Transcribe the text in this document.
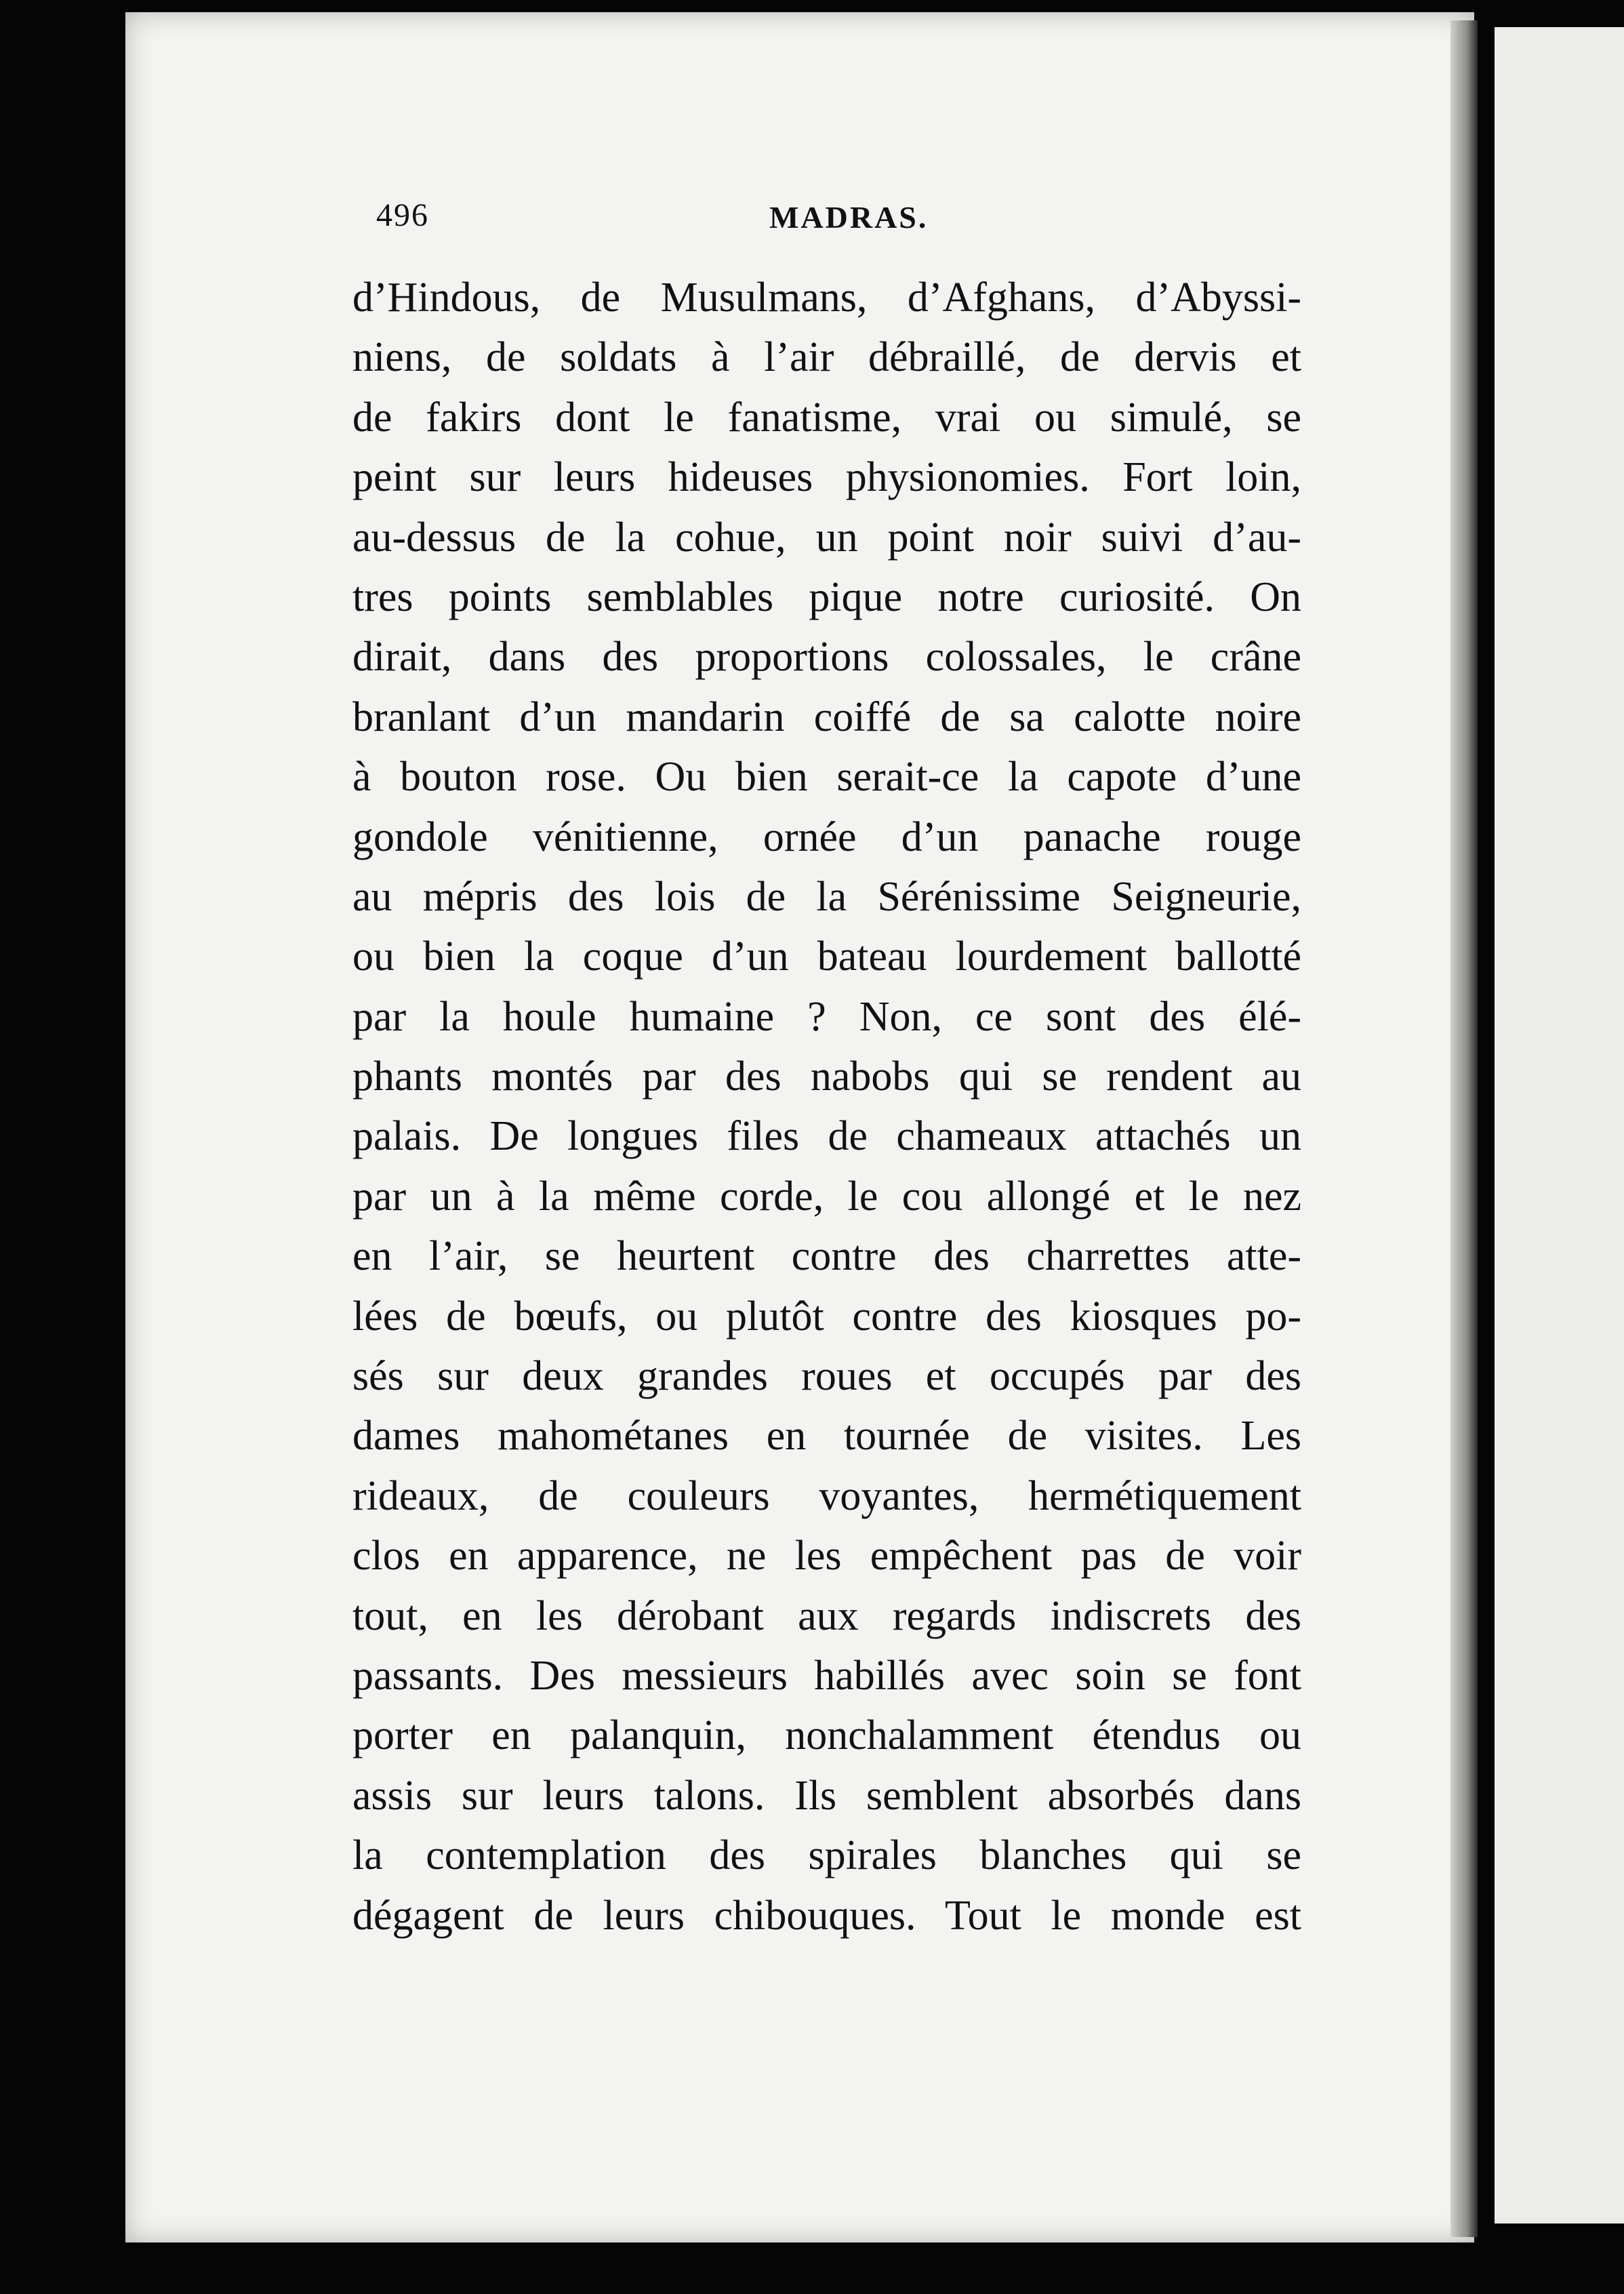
496	MADRAS.
d’Hindous, de Musulmans, d’Afghans, d’Abyssi-
niens, de soldats à l’air débraillé, de dervis et
de fakirs dont le fanatisme, vrai ou simulé, se
peint sur leurs hideuses physionomies. Fort loin,
au-dessus de la cohue, un point noir suivi d’au-
tres points semblables pique notre curiosité. On
dirait, dans des proportions colossales, le crâne
branlant d’un mandarin coiffé de sa calotte noire
à bouton rose. Ou bien serait-ce la capote d’une
gondole vénitienne, ornée d’un panache rouge
au mépris des lois de la Sérénissime Seigneurie,
ou bien la coque d’un bateau lourdement ballotté
par la houle humaine ? Non, ce sont des élé-
phants montés par des nabobs qui se rendent au
palais. De longues files de chameaux attachés un
par un à la même corde, le cou allongé et le nez
en l’air, se heurtent contre des charrettes atte-
lées de bœufs, ou plutôt contre des kiosques po-
sés sur deux grandes roues et occupés par des
dames mahométanes en tournée de visites. Les
rideaux, de couleurs voyantes, hermétiquement
clos en apparence, ne les empêchent pas de voir
tout, en les dérobant aux regards indiscrets des
passants. Des messieurs habillés avec soin se font
porter en palanquin, nonchalamment étendus ou
assis sur leurs talons. Ils semblent absorbés dans
la contemplation des spirales blanches qui se
dégagent de leurs chibouques. Tout le monde est
